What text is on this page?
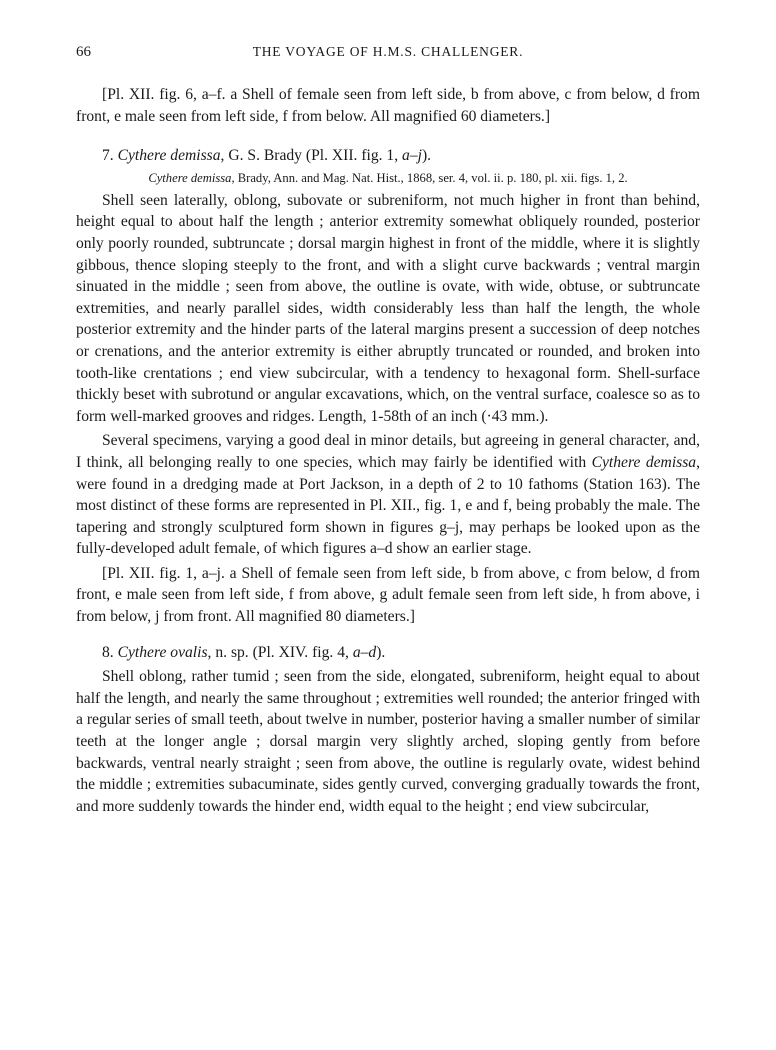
66	THE VOYAGE OF H.M.S. CHALLENGER.

[Pl. XII. fig. 6, a–f. a Shell of female seen from left side, b from above, c from below, d from front, e male seen from left side, f from below. All magnified 60 diameters.]

7. Cythere demissa, G. S. Brady (Pl. XII. fig. 1, a–j).

Cythere demissa, Brady, Ann. and Mag. Nat. Hist., 1868, ser. 4, vol. ii. p. 180, pl. xii. figs. 1, 2.

Shell seen laterally, oblong, subovate or subreniform, not much higher in front than behind, height equal to about half the length ; anterior extremity somewhat obliquely rounded, posterior only poorly rounded, subtruncate ; dorsal margin highest in front of the middle, where it is slightly gibbous, thence sloping steeply to the front, and with a slight curve backwards ; ventral margin sinuated in the middle ; seen from above, the outline is ovate, with wide, obtuse, or subtruncate extremities, and nearly parallel sides, width considerably less than half the length, the whole posterior extremity and the hinder parts of the lateral margins present a succession of deep notches or crenations, and the anterior extremity is either abruptly truncated or rounded, and broken into tooth-like crentations ; end view subcircular, with a tendency to hexagonal form. Shell-surface thickly beset with subrotund or angular excavations, which, on the ventral surface, coalesce so as to form well-marked grooves and ridges. Length, 1-58th of an inch (·43 mm.).

Several specimens, varying a good deal in minor details, but agreeing in general character, and, I think, all belonging really to one species, which may fairly be identified with Cythere demissa, were found in a dredging made at Port Jackson, in a depth of 2 to 10 fathoms (Station 163). The most distinct of these forms are represented in Pl. XII., fig. 1, e and f, being probably the male. The tapering and strongly sculptured form shown in figures g–j, may perhaps be looked upon as the fully-developed adult female, of which figures a–d show an earlier stage.

[Pl. XII. fig. 1, a–j. a Shell of female seen from left side, b from above, c from below, d from front, e male seen from left side, f from above, g adult female seen from left side, h from above, i from below, j from front. All magnified 80 diameters.]

8. Cythere ovalis, n. sp. (Pl. XIV. fig. 4, a–d).

Shell oblong, rather tumid ; seen from the side, elongated, subreniform, height equal to about half the length, and nearly the same throughout ; extremities well rounded; the anterior fringed with a regular series of small teeth, about twelve in number, posterior having a smaller number of similar teeth at the longer angle ; dorsal margin very slightly arched, sloping gently from before backwards, ventral nearly straight ; seen from above, the outline is regularly ovate, widest behind the middle ; extremities subacuminate, sides gently curved, converging gradually towards the front, and more suddenly towards the hinder end, width equal to the height ; end view subcircular,
